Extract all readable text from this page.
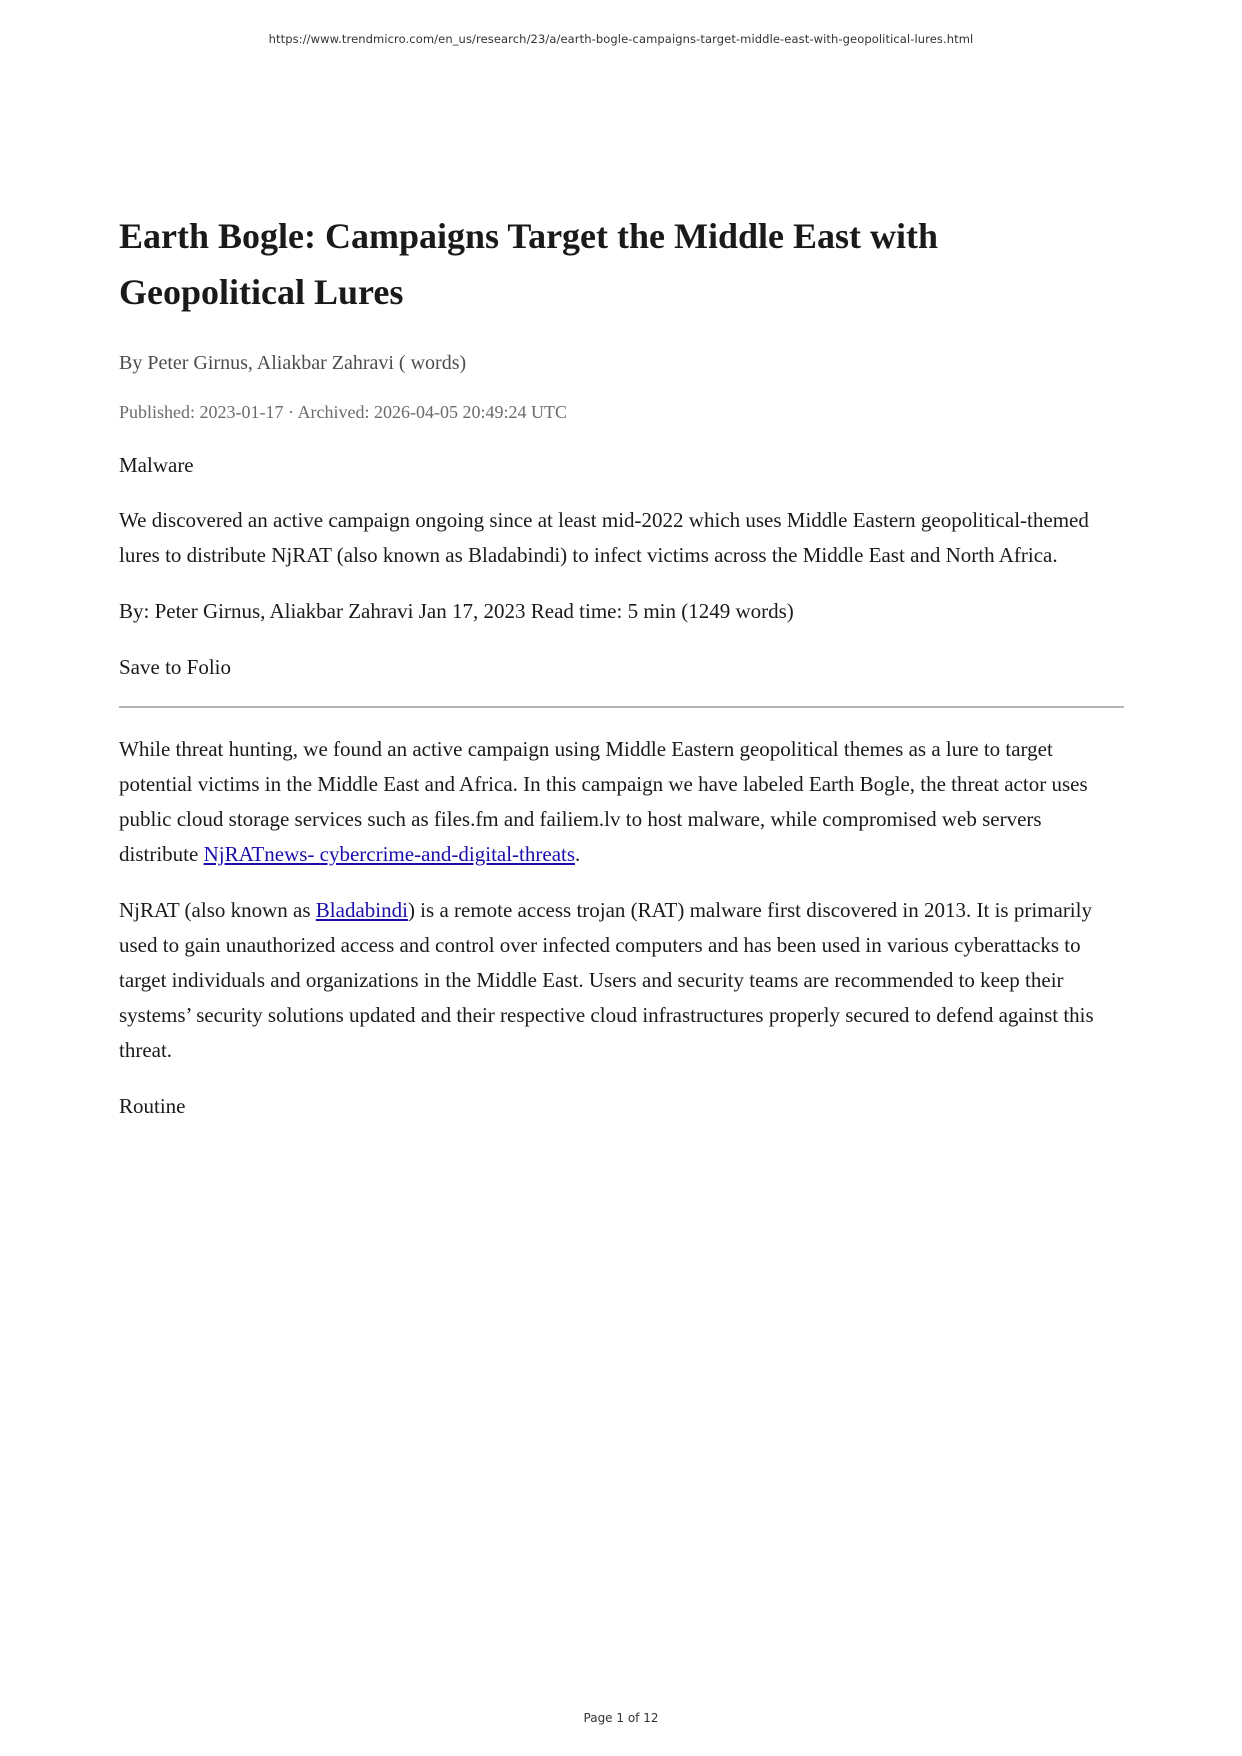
https://www.trendmicro.com/en_us/research/23/a/earth-bogle-campaigns-target-middle-east-with-geopolitical-lures.html
Earth Bogle: Campaigns Target the Middle East with Geopolitical Lures
By Peter Girnus, Aliakbar Zahravi ( words)
Published: 2023-01-17 · Archived: 2026-04-05 20:49:24 UTC
Malware

We discovered an active campaign ongoing since at least mid-2022 which uses Middle Eastern geopolitical-themed lures to distribute NjRAT (also known as Bladabindi) to infect victims across the Middle East and North Africa.

By: Peter Girnus, Aliakbar Zahravi Jan 17, 2023 Read time: 5 min (1249 words)
Save to Folio

While threat hunting, we found an active campaign using Middle Eastern geopolitical themes as a lure to target potential victims in the Middle East and Africa. In this campaign we have labeled Earth Bogle, the threat actor uses public cloud storage services such as files.fm and failiem.lv to host malware, while compromised web servers distribute NjRATnews- cybercrime-and-digital-threats.

NjRAT (also known as Bladabindi) is a remote access trojan (RAT) malware first discovered in 2013. It is primarily used to gain unauthorized access and control over infected computers and has been used in various cyberattacks to target individuals and organizations in the Middle East. Users and security teams are recommended to keep their systems’ security solutions updated and their respective cloud infrastructures properly secured to defend against this threat.

Routine
Page 1 of 12
